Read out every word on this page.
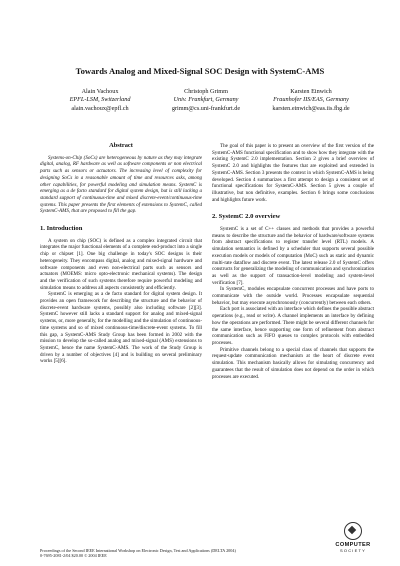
Towards Analog and Mixed-Signal SOC Design with SystemC-AMS
Alain Vachoux
EPFL-LSM, Switzerland
alain.vachoux@epfl.ch
Christoph Grimm
Univ. Frankfurt, Germany
grimm@cs.uni-frankfurt.de
Karsten Einwich
Fraunhofer IIS/EAS, Germany
karsten.einwich@eas.iis.fhg.de
Abstract

Systems-on-Chip (SoCs) are heterogeneous by nature as they may integrate digital, analog, RF hardware as well as software components or non electrical parts such as sensors or actuators. The increasing level of complexity for designing SoCs in a reasonable amount of time and resources asks, among other capabilities, for powerful modeling and simulation means. SystemC is emerging as a de facto standard for digital system design, but is still lacking a standard support of continuous-time and mixed discrete-event/continuous-time systems. This paper presents the first elements of extensions to SystemC, called SystemC-AMS, that are proposed to fill the gap.

1. Introduction

A system on chip (SOC) is defined as a complex integrated circuit that integrates the major functional elements of a complete end-product into a single chip or chipset [1]. One big challenge in today's SOC designs is their heterogeneity. They encompass digital, analog and mixed-signal hardware and software components and even non-electrical parts such as sensors and actuators (MOEMS: micro opto-electronic mechanical systems). The design and the verification of such systems therefore require powerful modeling and simulation means to address all aspects consistently and efficiently.

SystemC is emerging as a de facto standard for digital system design. It provides an open framework for describing the structure and the behavior of discrete-event hardware systems, possibly also including software [2][3]. SystemC however still lacks a standard support for analog and mixed-signal systems, or, more generally, for the modelling and the simulation of continuous-time systems and so of mixed continuous-time/discrete-event systems. To fill this gap, a SystemC-AMS Study Group has been formed in 2002 with the mission to develop the so-called analog and mixed-signal (AMS) extensions to SystemC, hence the name SystemC-AMS. The work of the Study Group is driven by a number of objectives [4] and is building on several preliminary works [5][6].

The goal of this paper is to present an overview of the first version of the SystemC-AMS functional specification and to show how they integrate with the existing SystemC 2.0 implementation. Section 2 gives a brief overview of SystemC 2.0 and highlights the features that are exploited and extended in SystemC-AMS. Section 3 presents the context in which SystemC-AMS is being developed. Section 4 summarizes a first attempt to design a consistent set of functional specifications for SystemC-AMS. Section 5 gives a couple of illustrative, but non definitive, examples. Section 6 brings some conclusions and highlights future work.

2. SystemC 2.0 overview

SystemC is a set of C++ classes and methods that provides a powerful means to describe the structure and the behavior of hardware/software systems from abstract specifications to register transfer level (RTL) models. A simulation semantics is defined by a scheduler that supports several possible execution models or models of computation (MoC) such as static and dynamic multi-rate dataflow and discrete event. The latest release 2.0 of SystemC offers constructs for generalizing the modeling of communication and synchronization as well as the support of transaction-level modeling and system-level verification [7].

In SystemC, modules encapsulate concurrent processes and have ports to communicate with the outside world. Processes encapsulate sequential behavior, but may execute asynchronously (concurrently) between each others.

Each port is associated with an interface which defines the possible abstract operations (e.g., read or write). A channel implements an interface by defining how the operations are performed. There might be several different channels for the same interface, hence supporting one form of refinement from abstract communication such as FIFO queues to complex protocols with embedded processes.

Primitive channels belong to a special class of channels that supports the request-update communication mechanism at the heart of discrete event simulation. This mechanism basically allows for simulating concurrency and guarantees that the result of simulation does not depend on the order in which processes are executed.

Proceedings of the Second IEEE International Workshop on Electronic Design, Test and Applications (DELTA 2004)
0-7695-2081-2/04 $20.00 © 2004 IEEE
COMPUTER
SOCIETY
